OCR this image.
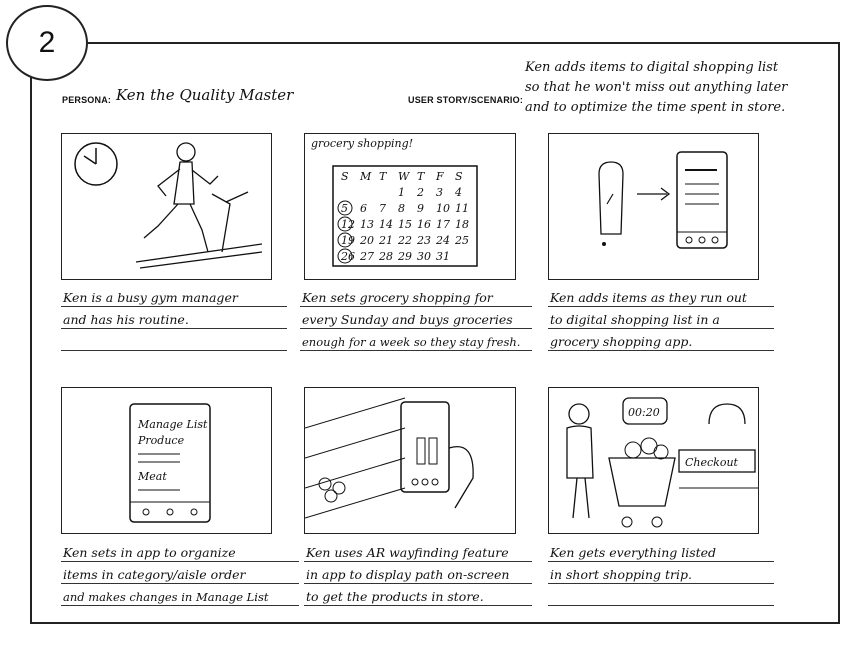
2
PERSONA: Ken the Quality Master	USER STORY/SCENARIO:
Ken adds items to digital shopping list
so that he won't miss out anything later
and to optimize the time spent in store.
grocery shopping!
S M T W T F S
1 2 3 4
5 6 7 8 9 10 11
12 13 14 15 16 17 18
19 20 21 22 23 24 25
26 27 28 29 30 31
Manage List
Produce
Meat
00:20
Checkout
Ken is a busy gym manager
and has his routine.
Ken sets grocery shopping for
every Sunday and buys groceries
enough for a week so they stay fresh.
Ken adds items as they run out
to digital shopping list in a
grocery shopping app.
Ken sets in app to organize
items in category/aisle order
and makes changes in Manage List
Ken uses AR wayfinding feature
in app to display path on-screen
to get the products in store.
Ken gets everything listed
in short shopping trip.
